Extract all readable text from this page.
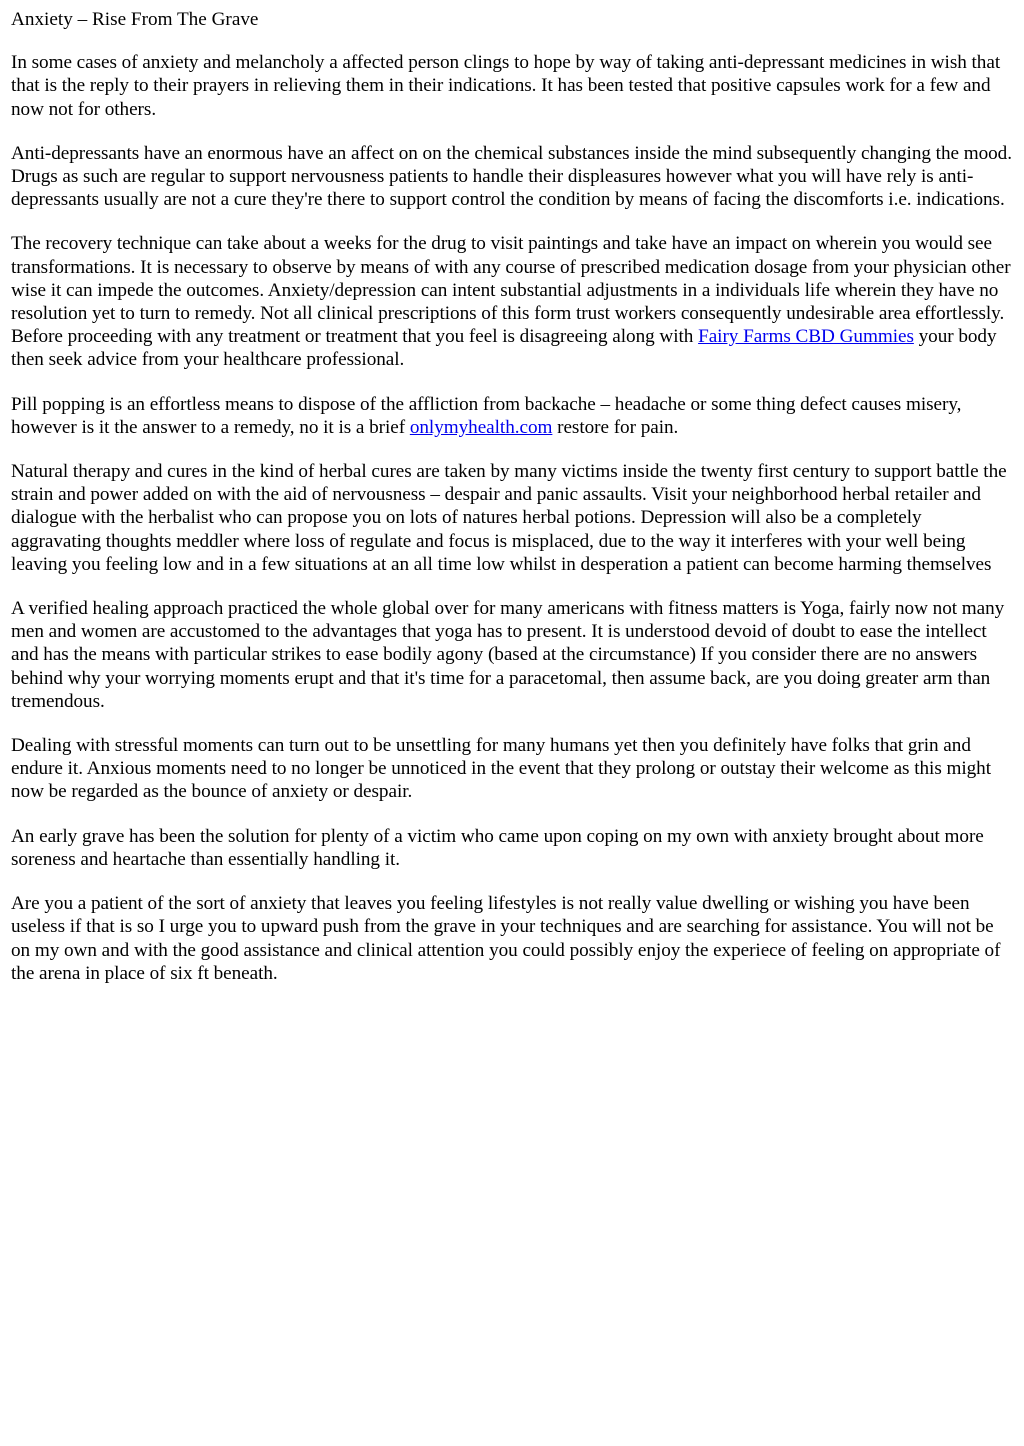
Anxiety – Rise From The Grave

In some cases of anxiety and melancholy a affected person clings to hope by way of taking anti-depressant medicines in wish that that is the reply to their prayers in relieving them in their indications. It has been tested that positive capsules work for a few and now not for others.

Anti-depressants have an enormous have an affect on on the chemical substances inside the mind subsequently changing the mood. Drugs as such are regular to support nervousness patients to handle their displeasures however what you will have rely is anti-depressants usually are not a cure they're there to support control the condition by means of facing the discomforts i.e. indications.

The recovery technique can take about a weeks for the drug to visit paintings and take have an impact on wherein you would see transformations. It is necessary to observe by means of with any course of prescribed medication dosage from your physician other wise it can impede the outcomes. Anxiety/depression can intent substantial adjustments in a individuals life wherein they have no resolution yet to turn to remedy. Not all clinical prescriptions of this form trust workers consequently undesirable area effortlessly. Before proceeding with any treatment or treatment that you feel is disagreeing along with Fairy Farms CBD Gummies your body then seek advice from your healthcare professional.

Pill popping is an effortless means to dispose of the affliction from backache – headache or some thing defect causes misery, however is it the answer to a remedy, no it is a brief onlymyhealth.com restore for pain.

Natural therapy and cures in the kind of herbal cures are taken by many victims inside the twenty first century to support battle the strain and power added on with the aid of nervousness – despair and panic assaults. Visit your neighborhood herbal retailer and dialogue with the herbalist who can propose you on lots of natures herbal potions. Depression will also be a completely aggravating thoughts meddler where loss of regulate and focus is misplaced, due to the way it interferes with your well being leaving you feeling low and in a few situations at an all time low whilst in desperation a patient can become harming themselves

A verified healing approach practiced the whole global over for many americans with fitness matters is Yoga, fairly now not many men and women are accustomed to the advantages that yoga has to present. It is understood devoid of doubt to ease the intellect and has the means with particular strikes to ease bodily agony (based at the circumstance) If you consider there are no answers behind why your worrying moments erupt and that it's time for a paracetomal, then assume back, are you doing greater arm than tremendous.

Dealing with stressful moments can turn out to be unsettling for many humans yet then you definitely have folks that grin and endure it. Anxious moments need to no longer be unnoticed in the event that they prolong or outstay their welcome as this might now be regarded as the bounce of anxiety or despair.

An early grave has been the solution for plenty of a victim who came upon coping on my own with anxiety brought about more soreness and heartache than essentially handling it.

Are you a patient of the sort of anxiety that leaves you feeling lifestyles is not really value dwelling or wishing you have been useless if that is so I urge you to upward push from the grave in your techniques and are searching for assistance. You will not be on my own and with the good assistance and clinical attention you could possibly enjoy the experiece of feeling on appropriate of the arena in place of six ft beneath.
